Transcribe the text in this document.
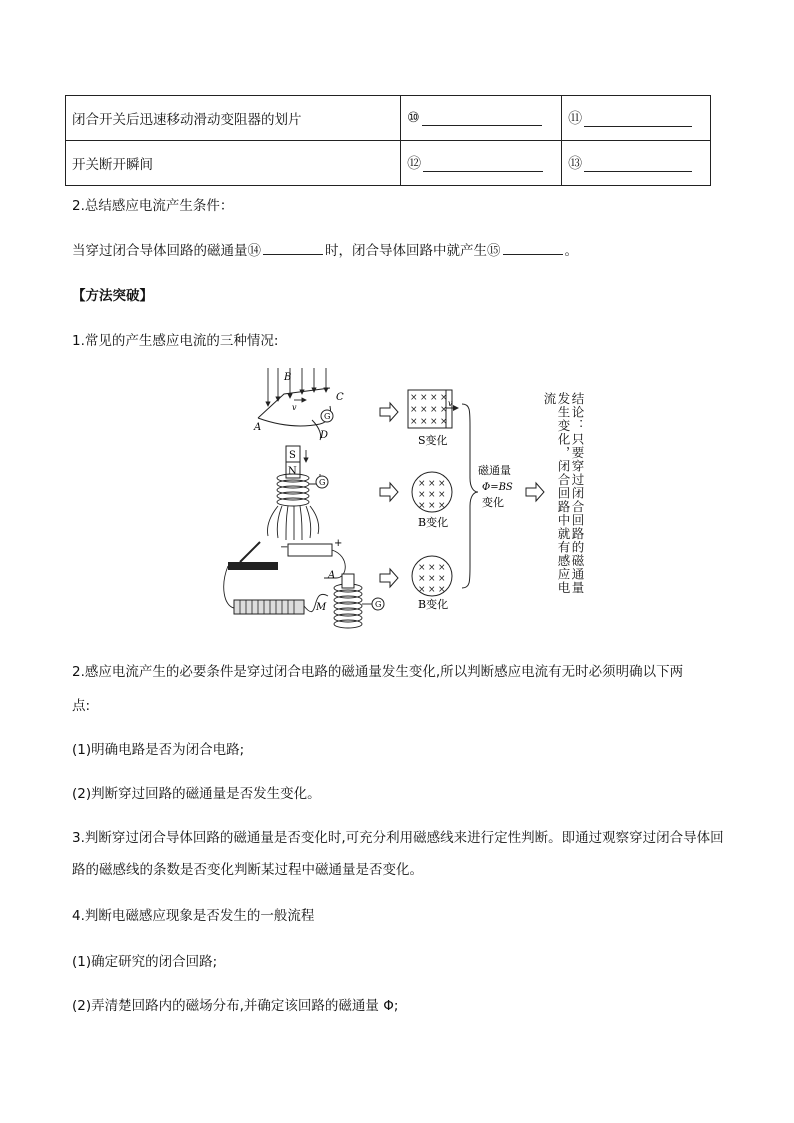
闭合开关后迅速移动滑动变阻器的划片	⑩	⑪
开关断开瞬间	⑫	⑬
2.总结感应电流产生条件：
当穿过闭合导体回路的磁通量⑭	时，闭合导体回路中就产生⑮	。
【方法突破】
1.常见的产生感应电流的三种情况:
G
B
C
A
D
v
S
N
G
−	+
G
A
M
× × × ×
× × × ×
× × × ×
v
S变化
× × ×
× × ×
× × ×
B变化
× × ×
× × ×
× × ×
B变化
磁通量
Φ=BS
变化	结论：只要穿过闭合回路的磁通量发生变化，闭合回路中就有感应电流
2.感应电流产生的必要条件是穿过闭合电路的磁通量发生变化,所以判断感应电流有无时必须明确以下两
点:
(1)明确电路是否为闭合电路;
(2)判断穿过回路的磁通量是否发生变化。
3.判断穿过闭合导体回路的磁通量是否变化时,可充分利用磁感线来进行定性判断。即通过观察穿过闭合导体回路的磁感线的条数是否变化判断某过程中磁通量是否变化。
4.判断电磁感应现象是否发生的一般流程
(1)确定研究的闭合回路;
(2)弄清楚回路内的磁场分布,并确定该回路的磁通量 Φ;
